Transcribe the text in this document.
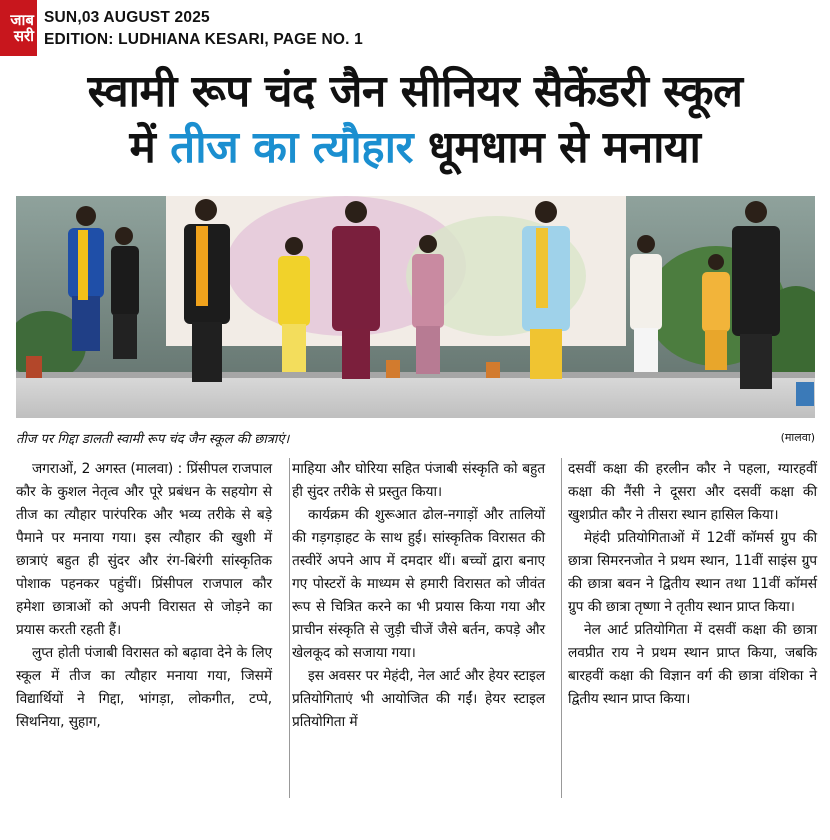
जाब
सरी
SUN,03 AUGUST 2025
EDITION: LUDHIANA KESARI, PAGE NO. 1
स्वामी रूप चंद जैन सीनियर सैकेंडरी स्कूल
में तीज का त्यौहार धूमधाम से मनाया
तीज पर गिद्दा डालती स्वामी रूप चंद जैन स्कूल की छात्राएं।	(मालवा)

जगराओं, 2 अगस्त (मालवा) : प्रिंसीपल राजपाल कौर के कुशल नेतृत्व और पूरे प्रबंधन के सहयोग से तीज का त्यौहार पारंपरिक और भव्य तरीके से बड़े पैमाने पर मनाया गया। इस त्यौहार की खुशी में छात्राएं बहुत ही सुंदर और रंग-बिरंगी सांस्कृतिक पोशाक पहनकर पहुंचीं। प्रिंसीपल राजपाल कौर हमेशा छात्राओं को अपनी विरासत से जोड़ने का प्रयास करती रहती हैं।

लुप्त होती पंजाबी विरासत को बढ़ावा देने के लिए स्कूल में तीज का त्यौहार मनाया गया, जिसमें विद्यार्थियों ने गिद्दा, भांगड़ा, लोकगीत, टप्पे, सिथनिया, सुहाग,

माहिया और घोरिया सहित पंजाबी संस्कृति को बहुत ही सुंदर तरीके से प्रस्तुत किया।

कार्यक्रम की शुरूआत ढोल-नगाड़ों और तालियों की गड़गड़ाहट के साथ हुई। सांस्कृतिक विरासत की तस्वीरें अपने आप में दमदार थीं। बच्चों द्वारा बनाए गए पोस्टरों के माध्यम से हमारी विरासत को जीवंत रूप से चित्रित करने का भी प्रयास किया गया और प्राचीन संस्कृति से जुड़ी चीजें जैसे बर्तन, कपड़े और खेलकूद को सजाया गया।

इस अवसर पर मेहंदी, नेल आर्ट और हेयर स्टाइल प्रतियोगिताएं भी आयोजित की गईं। हेयर स्टाइल प्रतियोगिता में

दसवीं कक्षा की हरलीन कौर ने पहला, ग्यारहवीं कक्षा की नैंसी ने दूसरा और दसवीं कक्षा की खुशप्रीत कौर ने तीसरा स्थान हासिल किया।

मेहंदी प्रतियोगिताओं में 12वीं कॉमर्स ग्रुप की छात्रा सिमरनजोत ने प्रथम स्थान, 11वीं साइंस ग्रुप की छात्रा बवन ने द्वितीय स्थान तथा 11वीं कॉमर्स ग्रुप की छात्रा तृष्णा ने तृतीय स्थान प्राप्त किया।

नेल आर्ट प्रतियोगिता में दसवीं कक्षा की छात्रा लवप्रीत राय ने प्रथम स्थान प्राप्त किया, जबकि बारहवीं कक्षा की विज्ञान वर्ग की छात्रा वंशिका ने द्वितीय स्थान प्राप्त किया।
